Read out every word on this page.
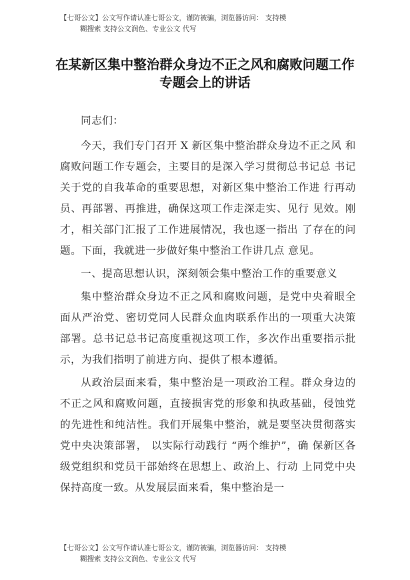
【七哥公文】公文写作请认准七哥公文，谨防被骗，浏览器访问： 支持模
糊搜索 支持公文润色、专业公文 代写
在某新区集中整治群众身边不正之风和腐败问题工作专题会上的讲话

同志们：

今天，我们专门召开 X 新区集中整治群众身边不正之风 和腐败问题工作专题会，主要目的是深入学习贯彻总书记总 书记关于党的自我革命的重要思想，对新区集中整治工作进 行再动员、再部署、再推进，确保这项工作走深走实、见行 见效。刚才，相关部门汇报了工作进展情况，我也逐一指出 了存在的问题。下面，我就进一步做好集中整治工作讲几点 意见。

一、提高思想认识，深刻领会集中整治工作的重要意义

集中整治群众身边不正之风和腐败问题，是党中央着眼全面从严治党、密切党同人民群众血肉联系作出的一项重大决策部署。总书记总书记高度重视这项工作，多次作出重要指示批示，为我们指明了前进方向、提供了根本遵循。

从政治层面来看，集中整治是一项政治工程。群众身边的不正之风和腐败问题，直接损害党的形象和执政基础，侵蚀党的先进性和纯洁性。我们开展集中整治，就是要坚决贯彻落实党中央决策部署， 以实际行动践行 “两个维护”，确 保新区各级党组织和党员干部始终在思想上、政治上、行动 上同党中央保持高度一致。从发展层面来看，集中整治是一

【七哥公文】公文写作请认准七哥公文，谨防被骗，浏览器访问： 支持模
糊搜索 支持公文润色、专业公文 代写
